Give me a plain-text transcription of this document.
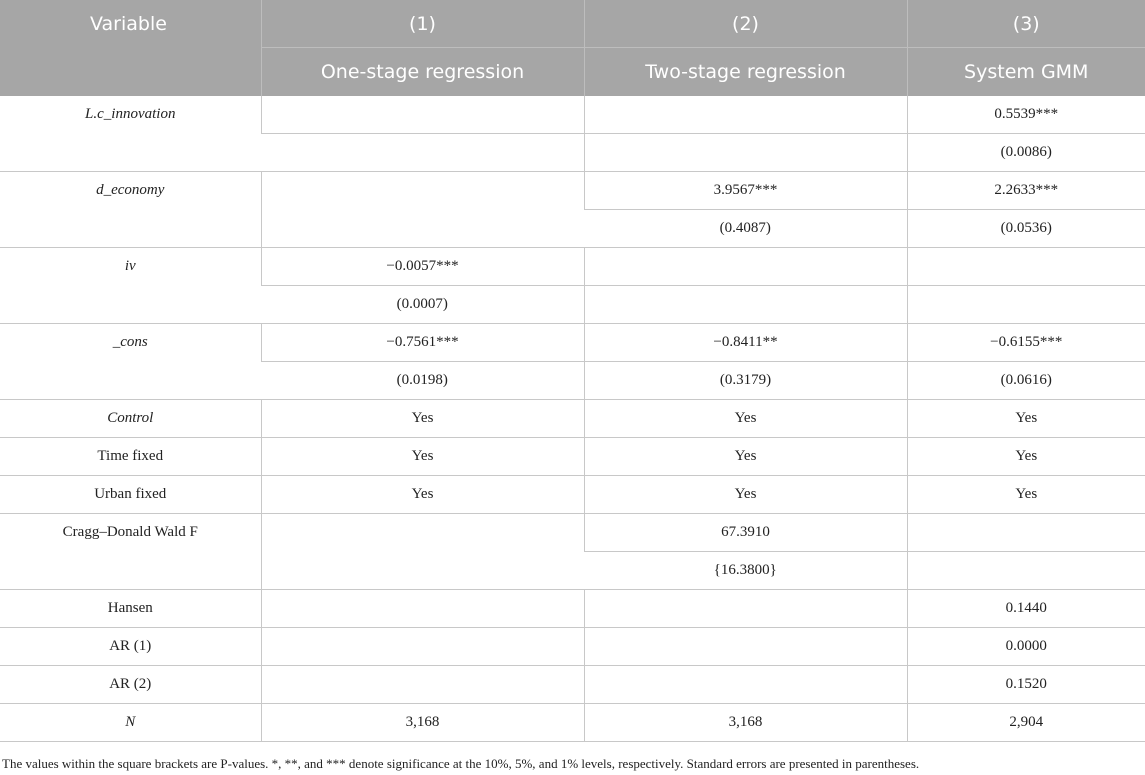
Variable	(1)	(2)	(3)
	One-stage regression	Two-stage regression	System GMM
L.c_innovation			0.5539***
			(0.0086)
d_economy		3.9567***	2.2633***
		(0.4087)	(0.0536)
iv	−0.0057***		
	(0.0007)		
_cons	−0.7561***	−0.8411**	−0.6155***
	(0.0198)	(0.3179)	(0.0616)
Control	Yes	Yes	Yes
Time fixed	Yes	Yes	Yes
Urban fixed	Yes	Yes	Yes
Cragg–Donald Wald F		67.3910	
		{16.3800}	
Hansen			0.1440
AR (1)			0.0000
AR (2)			0.1520
N	3,168	3,168	2,904
The values within the square brackets are P-values. *, **, and *** denote significance at the 10%, 5%, and 1% levels, respectively. Standard errors are presented in parentheses.
